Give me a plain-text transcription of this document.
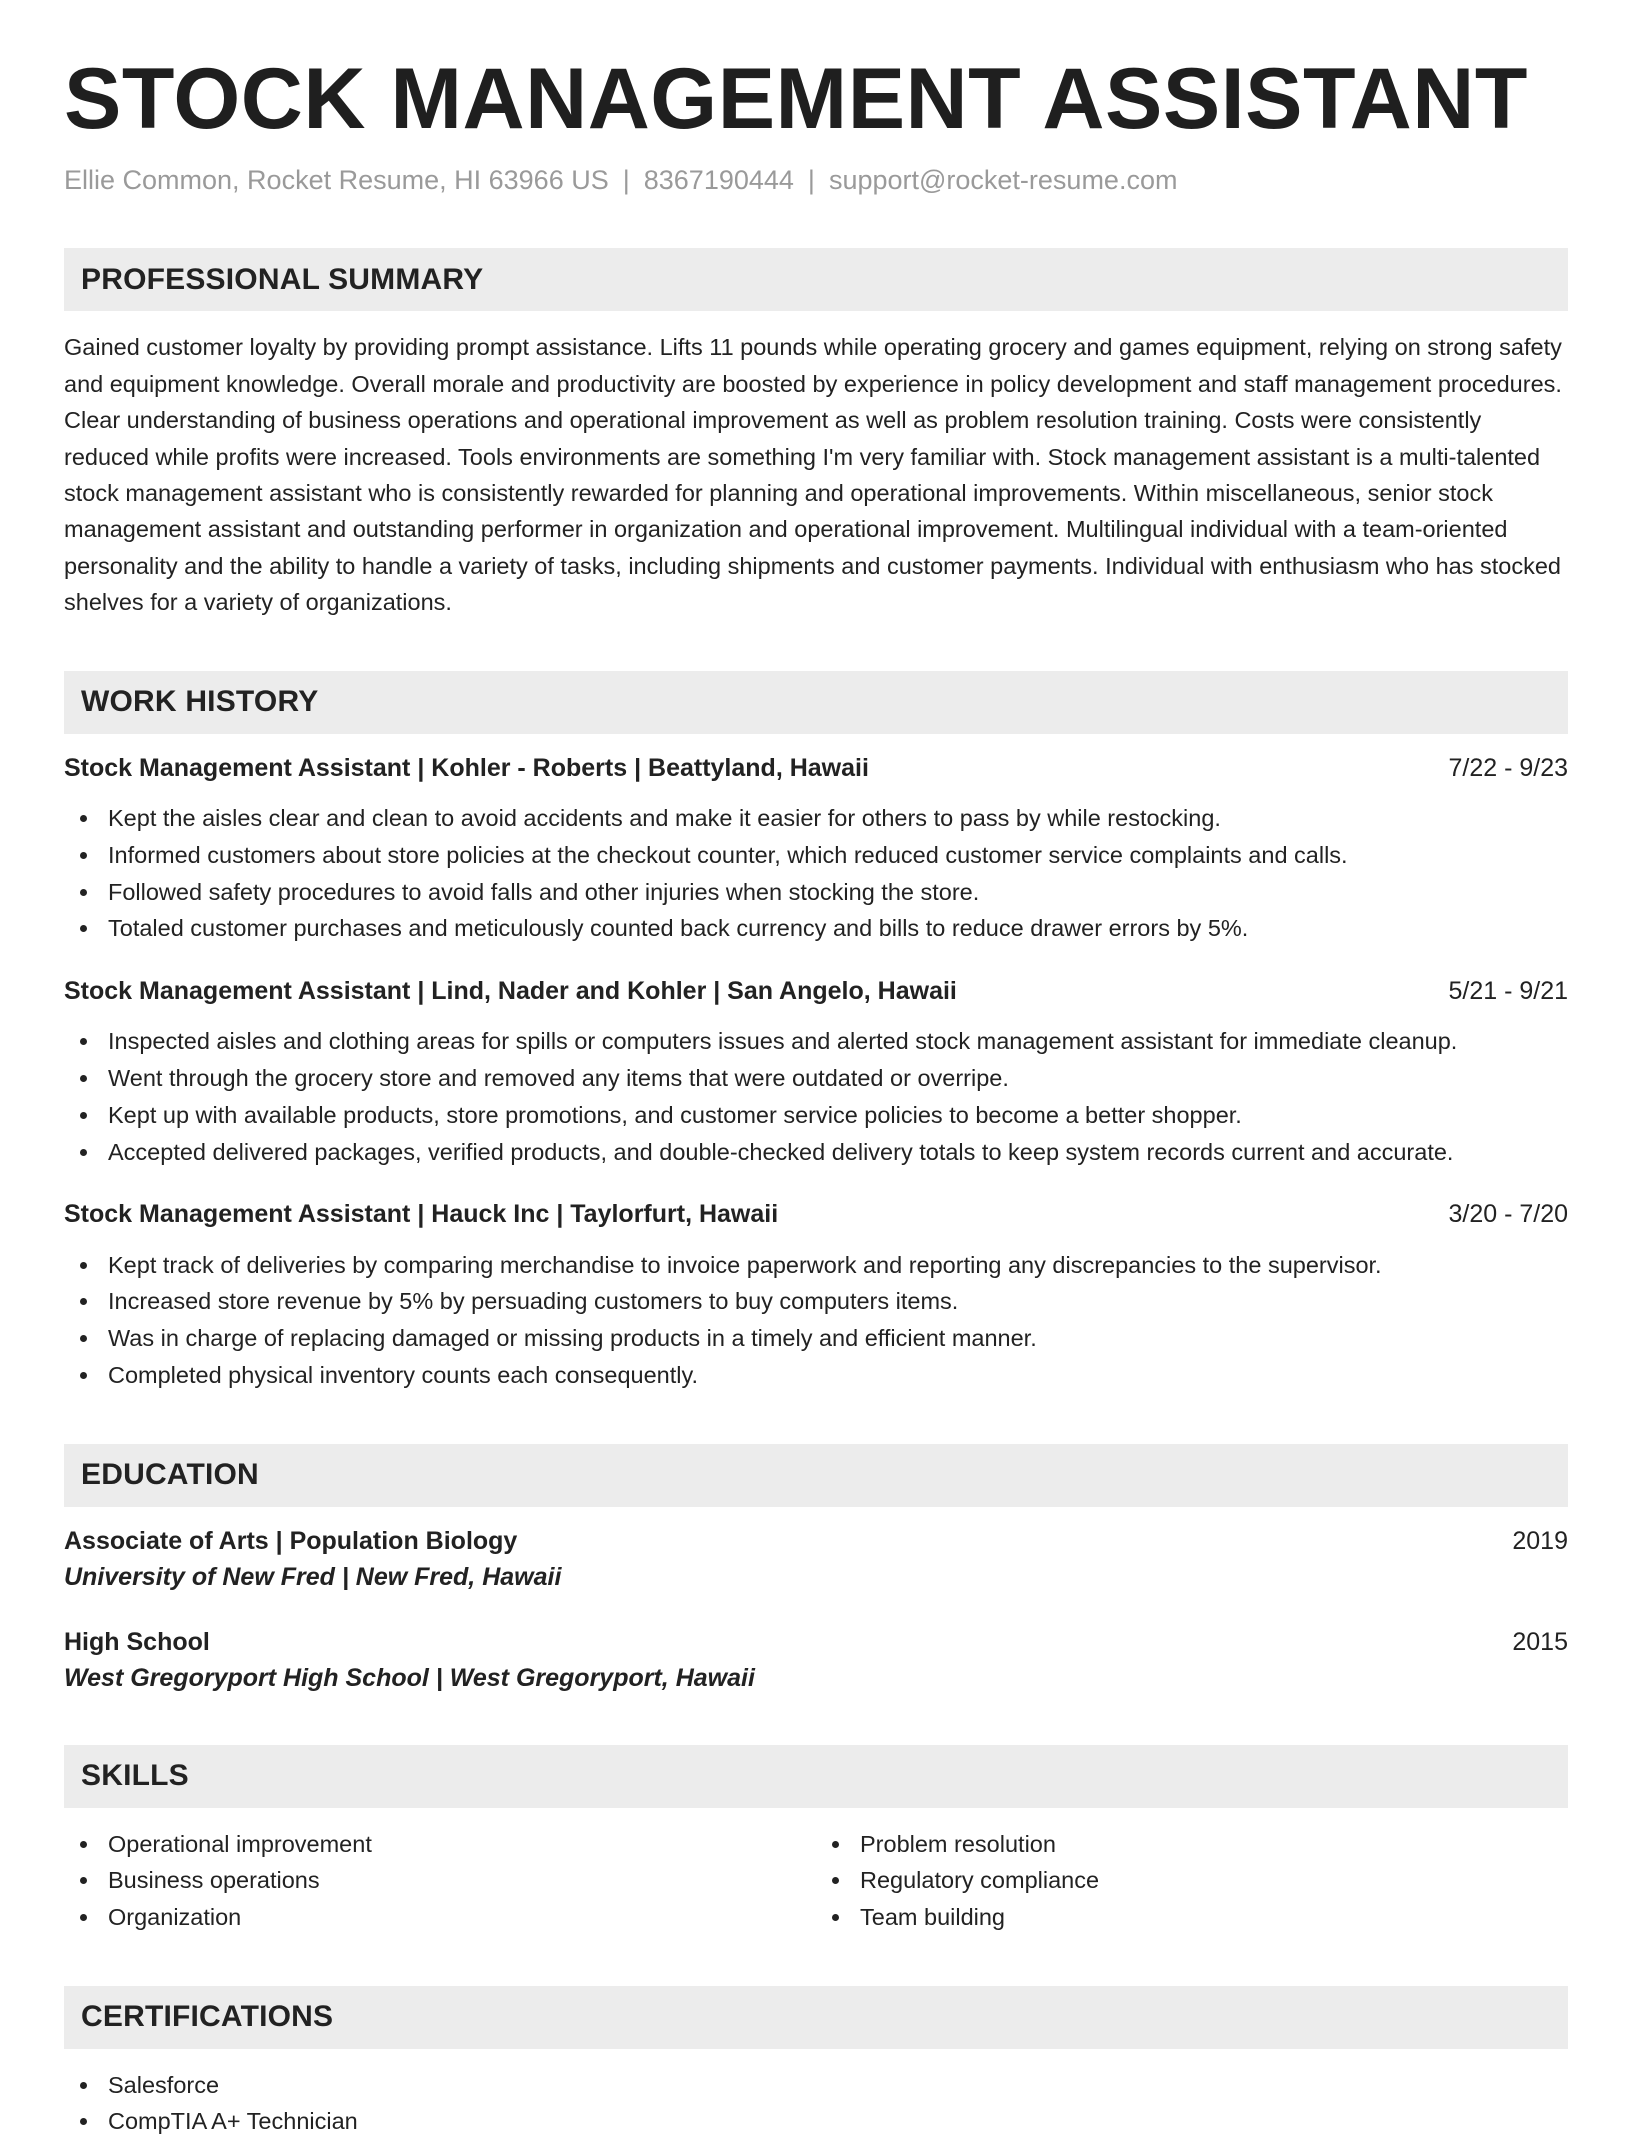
STOCK MANAGEMENT ASSISTANT
Ellie Common, Rocket Resume, HI 63966 US | 8367190444 | support@rocket-resume.com
PROFESSIONAL SUMMARY
Gained customer loyalty by providing prompt assistance. Lifts 11 pounds while operating grocery and games equipment, relying on strong safety and equipment knowledge. Overall morale and productivity are boosted by experience in policy development and staff management procedures. Clear understanding of business operations and operational improvement as well as problem resolution training. Costs were consistently reduced while profits were increased. Tools environments are something I'm very familiar with. Stock management assistant is a multi-talented stock management assistant who is consistently rewarded for planning and operational improvements. Within miscellaneous, senior stock management assistant and outstanding performer in organization and operational improvement. Multilingual individual with a team-oriented personality and the ability to handle a variety of tasks, including shipments and customer payments. Individual with enthusiasm who has stocked shelves for a variety of organizations.
WORK HISTORY
Stock Management Assistant | Kohler - Roberts | Beattyland, Hawaii	7/22 - 9/23
Kept the aisles clear and clean to avoid accidents and make it easier for others to pass by while restocking.
Informed customers about store policies at the checkout counter, which reduced customer service complaints and calls.
Followed safety procedures to avoid falls and other injuries when stocking the store.
Totaled customer purchases and meticulously counted back currency and bills to reduce drawer errors by 5%.
Stock Management Assistant | Lind, Nader and Kohler | San Angelo, Hawaii	5/21 - 9/21
Inspected aisles and clothing areas for spills or computers issues and alerted stock management assistant for immediate cleanup.
Went through the grocery store and removed any items that were outdated or overripe.
Kept up with available products, store promotions, and customer service policies to become a better shopper.
Accepted delivered packages, verified products, and double-checked delivery totals to keep system records current and accurate.
Stock Management Assistant | Hauck Inc | Taylorfurt, Hawaii	3/20 - 7/20
Kept track of deliveries by comparing merchandise to invoice paperwork and reporting any discrepancies to the supervisor.
Increased store revenue by 5% by persuading customers to buy computers items.
Was in charge of replacing damaged or missing products in a timely and efficient manner.
Completed physical inventory counts each consequently.
EDUCATION
Associate of Arts | Population Biology	2019
University of New Fred | New Fred, Hawaii
High School	2015
West Gregoryport High School | West Gregoryport, Hawaii
SKILLS
Operational improvement
Business operations
Organization
Problem resolution
Regulatory compliance
Team building
CERTIFICATIONS
Salesforce
CompTIA A+ Technician
